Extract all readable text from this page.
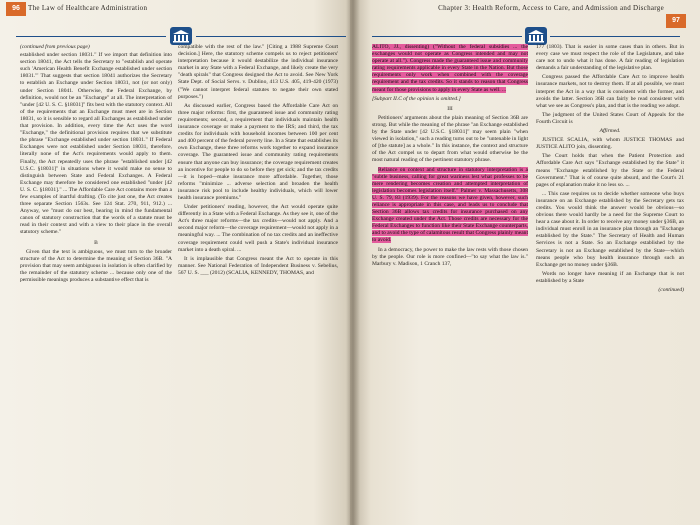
96	The Law of Healthcare Administration

(continued from previous page)

established under section 18031." If we import that definition into section 18041, the Act tells the Secretary to "establish and operate such 'American Health Benefit Exchange established under section 18031.'" That suggests that section 18041 authorizes the Secretary to establish an Exchange under Section 18031, not (or not only) under Section 18041. Otherwise, the Federal Exchange, by definition, would not be an "Exchange" at all. The interpretation of "under [42 U. S. C. §18031]" fits best with the statutory context. All of the requirements that an Exchange must meet are in Section 18031, so it is sensible to regard all Exchanges as established under that provision. In addition, every time the Act uses the word "Exchange," the definitional provision requires that we substitute the phrase "Exchange established under section 18031." If Federal Exchanges were not established under Section 18031, therefore, literally none of the Act's requirements would apply to them. Finally, the Act repeatedly uses the phrase "established under [42 U.S.C. §18031]" in situations where it would make no sense to distinguish between State and Federal Exchanges. A Federal Exchange may therefore be considered one established "under [42 U. S. C. §18031]." ... The Affordable Care Act contains more than a few examples of inartful drafting. (To cite just one, the Act creates three separate Section 1563s. See 124 Stat. 270, 911, 912.) ... Anyway, we "must do our best, bearing in mind the fundamental canon of statutory construction that the words of a statute must be read in their context and with a view to their place in the overall statutory scheme."

B

Given that the text is ambiguous, we must turn to the broader structure of the Act to determine the meaning of Section 36B. "A provision that may seem ambiguous in isolation is often clarified by the remainder of the statutory scheme ... because only one of the permissible meanings produces a substantive effect that is

compatible with the rest of the law." [Citing a 1988 Supreme Court decision.] Here, the statutory scheme compels us to reject petitioners' interpretation because it would destabilize the individual insurance market in any State with a Federal Exchange, and likely create the very "death spirals" that Congress designed the Act to avoid. See New York State Dept. of Social Servs. v. Dublino, 413 U.S. 405, 419-420 (1973) ("We cannot interpret federal statutes to negate their own stated purposes.")

As discussed earlier, Congress based the Affordable Care Act on three major reforms: first, the guaranteed issue and community rating requirements; second, a requirement that individuals maintain health insurance coverage or make a payment to the IRS; and third, the tax credits for individuals with household incomes between 100 per cent and 400 percent of the federal poverty line. In a State that establishes its own Exchange, these three reforms work together to expand insurance coverage. The guaranteed issue and community rating requirements ensure that anyone can buy insurance; the coverage requirement creates an incentive for people to do so before they get sick; and the tax credits—it is hoped—make insurance more affordable. Together, those reforms "minimize ... adverse selection and broaden the health insurance risk pool to include healthy individuals, which will lower health insurance premiums."

Under petitioners' reading, however, the Act would operate quite differently in a State with a Federal Exchange. As they see it, one of the Act's three major reforms—the tax credits—would not apply. And a second major reform—the coverage requirement—would not apply in a meaningful way. ... The combination of no tax credits and an ineffective coverage requirement could well push a State's individual insurance market into a death spiral. ...

It is implausible that Congress meant the Act to operate in this manner. See National Federation of Independent Business v. Sebelius, 567 U. S. ___ (2012) (SCALIA, KENNEDY, THOMAS, and

Chapter 3: Health Reform, Access to Care, and Admission and Discharge
97

ALITO, JJ., dissenting) ("Without the federal subsidies ... the exchanges would not operate as Congress intended and may not operate at all."). Congress made the guaranteed issue and community rating requirements applicable in every State in the Nation. But those requirements only work when combined with the coverage requirement and the tax credits. So it stands to reason that Congress meant for those provisions to apply in every State as well. ...

[Subpart II.C of the opinion is omitted.]

III

Petitioners' arguments about the plain meaning of Section 36B are strong. But while the meaning of the phrase "an Exchange established by the State under [42 U.S.C. §18031]" may seem plain "when viewed in isolation," such a reading turns out to be "untenable in light of [the statute] as a whole." In this instance, the context and structure of the Act compel us to depart from what would otherwise be the most natural reading of the pertinent statutory phrase.

Reliance on context and structure in statutory interpretation is a "subtle business, calling for great wariness lest what professes to be mere rendering becomes creation and attempted interpretation of legislation becomes legislation itself." Palmer v. Massachusetts, 308 U. S. 79, 83 (1939). For the reasons we have given, however, such reliance is appropriate in this case, and leads us to conclude that Section 36B allows tax credits for insurance purchased on any Exchange created under the Act. Those credits are necessary for the Federal Exchanges to function like their State Exchange counterparts, and to avoid the type of calamitous result that Congress plainly meant to avoid.

In a democracy, the power to make the law rests with those chosen by the people. Our role is more confined—"to say what the law is." Marbury v. Madison, 1 Cranch 137,

177 (1803). That is easier in some cases than in others. But in every case we must respect the role of the Legislature, and take care not to undo what it has done. A fair reading of legislation demands a fair understanding of the legislative plan.

Congress passed the Affordable Care Act to improve health insurance markets, not to destroy them. If at all possible, we must interpret the Act in a way that is consistent with the former, and avoids the latter. Section 36B can fairly be read consistent with what we see as Congress's plan, and that is the reading we adopt.

The judgment of the United States Court of Appeals for the Fourth Circuit is

Affirmed.

JUSTICE SCALIA, with whom JUSTICE THOMAS and JUSTICE ALITO join, dissenting.

The Court holds that when the Patient Protection and Affordable Care Act says "Exchange established by the State" it means "Exchange established by the State or the Federal Government." That is of course quite absurd, and the Court's 21 pages of explanation make it no less so. ...

... This case requires us to decide whether someone who buys insurance on an Exchange established by the Secretary gets tax credits. You would think the answer would be obvious—so obvious there would hardly be a need for the Supreme Court to hear a case about it. In order to receive any money under §36B, an individual must enroll in an insurance plan through an "Exchange established by the State." The Secretary of Health and Human Services is not a State. So an Exchange established by the Secretary is not an Exchange established by the State—which means people who buy health insurance through such an Exchange get no money under §36B.

Words no longer have meaning if an Exchange that is not established by a State

(continued)
